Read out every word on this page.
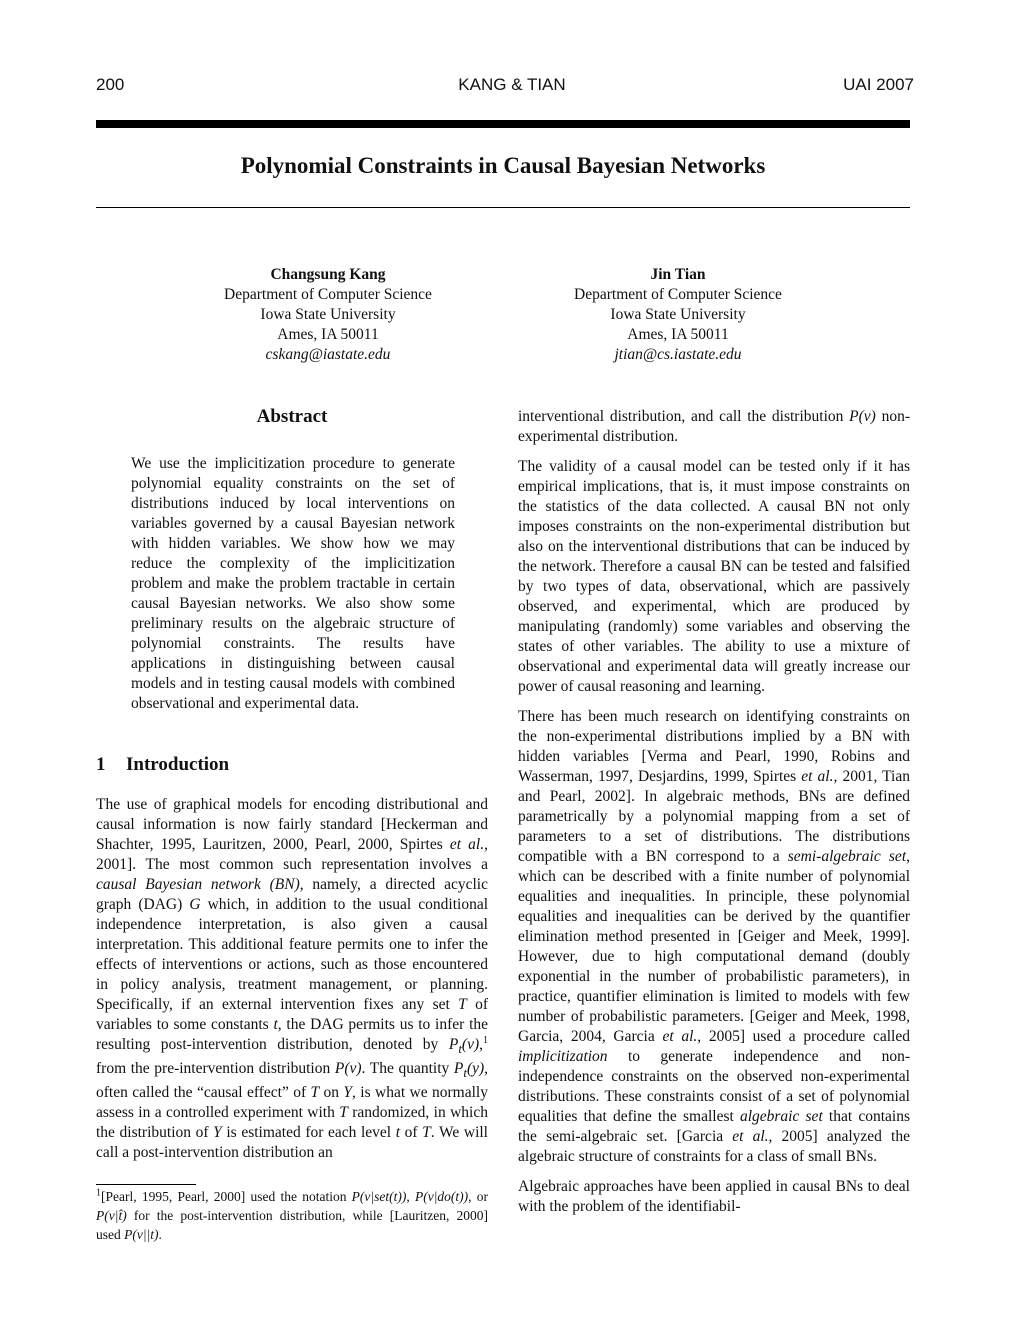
200	KANG & TIAN	UAI 2007
Polynomial Constraints in Causal Bayesian Networks
Changsung Kang
Department of Computer Science
Iowa State University
Ames, IA 50011
cskang@iastate.edu
Jin Tian
Department of Computer Science
Iowa State University
Ames, IA 50011
jtian@cs.iastate.edu
Abstract

We use the implicitization procedure to generate polynomial equality constraints on the set of distributions induced by local interventions on variables governed by a causal Bayesian network with hidden variables. We show how we may reduce the complexity of the implicitization problem and make the problem tractable in certain causal Bayesian networks. We also show some preliminary results on the algebraic structure of polynomial constraints. The results have applications in distinguishing between causal models and in testing causal models with combined observational and experimental data.

1 Introduction

The use of graphical models for encoding distributional and causal information is now fairly standard [Heckerman and Shachter, 1995, Lauritzen, 2000, Pearl, 2000, Spirtes et al., 2001]. The most common such representation involves a causal Bayesian network (BN), namely, a directed acyclic graph (DAG) G which, in addition to the usual conditional independence interpretation, is also given a causal interpretation. This additional feature permits one to infer the effects of interventions or actions, such as those encountered in policy analysis, treatment management, or planning. Specifically, if an external intervention fixes any set T of variables to some constants t, the DAG permits us to infer the resulting post-intervention distribution, denoted by $P_t(v),^1$ from the pre-intervention distribution P(v). The quantity $P_t(y)$, often called the “causal effect” of T on Y, is what we normally assess in a controlled experiment with T randomized, in which the distribution of Y is estimated for each level t of T. We will call a post-intervention distribution an

$^1$[Pearl, 1995, Pearl, 2000] used the notation P(v|set(t)), P(v|do(t)), or P(v|t̂) for the post-intervention distribution, while [Lauritzen, 2000] used P(v||t).

interventional distribution, and call the distribution P(v) non-experimental distribution.

The validity of a causal model can be tested only if it has empirical implications, that is, it must impose constraints on the statistics of the data collected. A causal BN not only imposes constraints on the non-experimental distribution but also on the interventional distributions that can be induced by the network. Therefore a causal BN can be tested and falsified by two types of data, observational, which are passively observed, and experimental, which are produced by manipulating (randomly) some variables and observing the states of other variables. The ability to use a mixture of observational and experimental data will greatly increase our power of causal reasoning and learning.

There has been much research on identifying constraints on the non-experimental distributions implied by a BN with hidden variables [Verma and Pearl, 1990, Robins and Wasserman, 1997, Desjardins, 1999, Spirtes et al., 2001, Tian and Pearl, 2002]. In algebraic methods, BNs are defined parametrically by a polynomial mapping from a set of parameters to a set of distributions. The distributions compatible with a BN correspond to a semi-algebraic set, which can be described with a finite number of polynomial equalities and inequalities. In principle, these polynomial equalities and inequalities can be derived by the quantifier elimination method presented in [Geiger and Meek, 1999]. However, due to high computational demand (doubly exponential in the number of probabilistic parameters), in practice, quantifier elimination is limited to models with few number of probabilistic parameters. [Geiger and Meek, 1998, Garcia, 2004, Garcia et al., 2005] used a procedure called implicitization to generate independence and non-independence constraints on the observed non-experimental distributions. These constraints consist of a set of polynomial equalities that define the smallest algebraic set that contains the semi-algebraic set. [Garcia et al., 2005] analyzed the algebraic structure of constraints for a class of small BNs.

Algebraic approaches have been applied in causal BNs to deal with the problem of the identifiabil-
